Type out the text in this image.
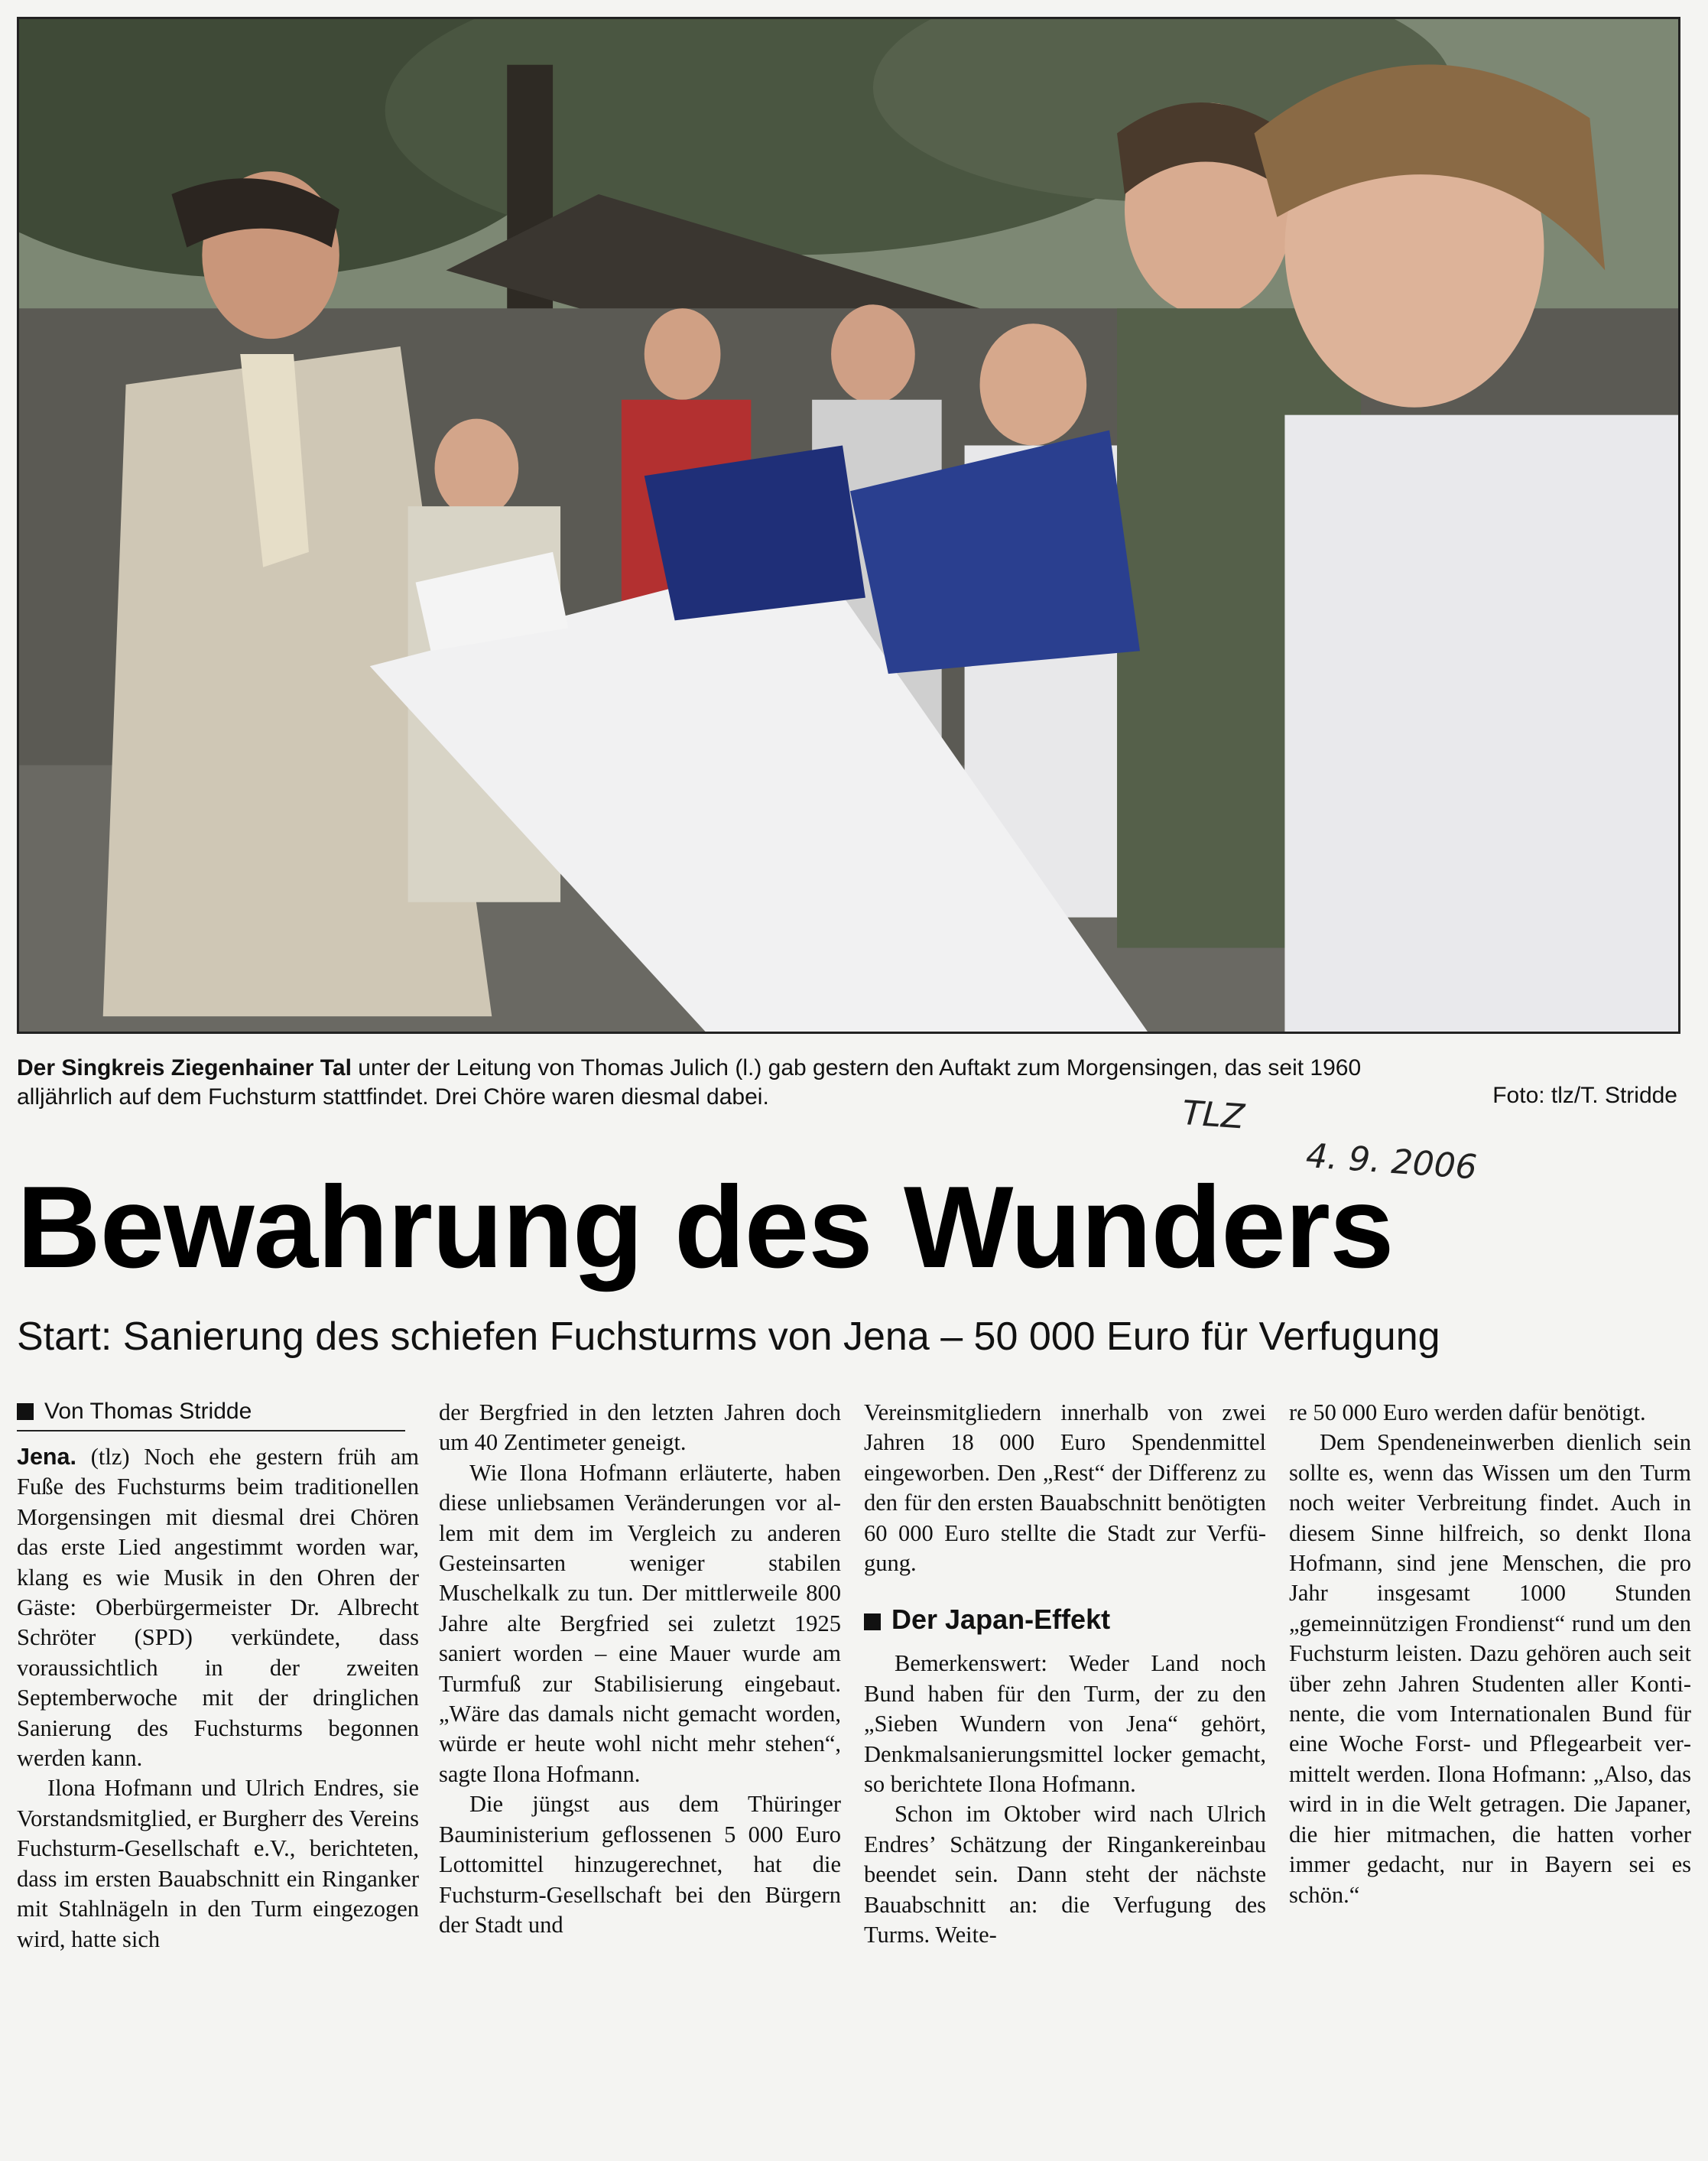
Der Singkreis Ziegenhainer Tal unter der Leitung von Thomas Julich (l.) gab gestern den Auftakt zum Morgensingen, das seit 1960
alljährlich auf dem Fuchsturm stattfindet. Drei Chöre waren diesmal dabei.	Foto: tlz/T. Stridde
TLZ
4. 9. 2006
Bewahrung des Wunders
Start: Sanierung des schiefen Fuchsturms von Jena – 50 000 Euro für Verfugung
Von Thomas Stridde

Jena. (tlz) Noch ehe gestern früh am Fuße des Fuchsturms beim traditionellen Morgensingen mit diesmal drei Chören das erste Lied angestimmt worden war, klang es wie Musik in den Ohren der Gäste: Oberbürgermeister Dr. Albrecht Schröter (SPD) verkündete, dass voraussichtlich in der zweiten Septemberwoche mit der dringlichen Sanierung des Fuchsturms begonnen werden kann.

Ilona Hofmann und Ulrich Endres, sie Vorstandsmitglied, er Burgherr des Vereins Fuchsturm-Gesellschaft e.V., berichteten, dass im ersten Bauabschnitt ein Ringanker mit Stahlnägeln in den Turm eingezogen wird, hatte sich

der Bergfried in den letzten Jahren doch um 40 Zentimeter geneigt.

Wie Ilona Hofmann erläuterte, haben diese unliebsamen Veränderungen vor allem mit dem im Vergleich zu anderen Gesteinsarten weniger stabilen Muschelkalk zu tun. Der mittlerweile 800 Jahre alte Bergfried sei zuletzt 1925 saniert worden – eine Mauer wurde am Turmfuß zur Stabilisierung eingebaut. „Wäre das damals nicht gemacht worden, würde er heute wohl nicht mehr stehen“, sagte Ilona Hofmann.

Die jüngst aus dem Thüringer Bauministerium geflossenen 5 000 Euro Lottomittel hinzugerechnet, hat die Fuchsturm-Gesellschaft bei den Bürgern der Stadt und

Vereinsmitgliedern innerhalb von zwei Jahren 18 000 Euro Spendenmittel eingeworben. Den „Rest“ der Differenz zu den für den ersten Bauabschnitt benötigten 60 000 Euro stellte die Stadt zur Verfügung.

Der Japan-Effekt

Bemerkenswert: Weder Land noch Bund haben für den Turm, der zu den „Sieben Wundern von Jena“ gehört, Denkmalsanierungsmittel locker gemacht, so berichtete Ilona Hofmann.

Schon im Oktober wird nach Ulrich Endres’ Schätzung der Ringankereinbau beendet sein. Dann steht der nächste Bauabschnitt an: die Verfugung des Turms. Weite-

re 50 000 Euro werden dafür benötigt.

Dem Spendeneinwerben dienlich sein sollte es, wenn das Wissen um den Turm noch weiter Verbreitung findet. Auch in diesem Sinne hilfreich, so denkt Ilona Hofmann, sind jene Menschen, die pro Jahr insgesamt 1000 Stunden „gemeinnützigen Frondienst“ rund um den Fuchsturm leisten. Dazu gehören auch seit über zehn Jahren Studenten aller Kontinente, die vom Internationalen Bund für eine Woche Forst- und Pflegearbeit vermittelt werden. Ilona Hofmann: „Also, das wird in in die Welt getragen. Die Japaner, die hier mitmachen, die hatten vorher immer gedacht, nur in Bayern sei es schön.“
